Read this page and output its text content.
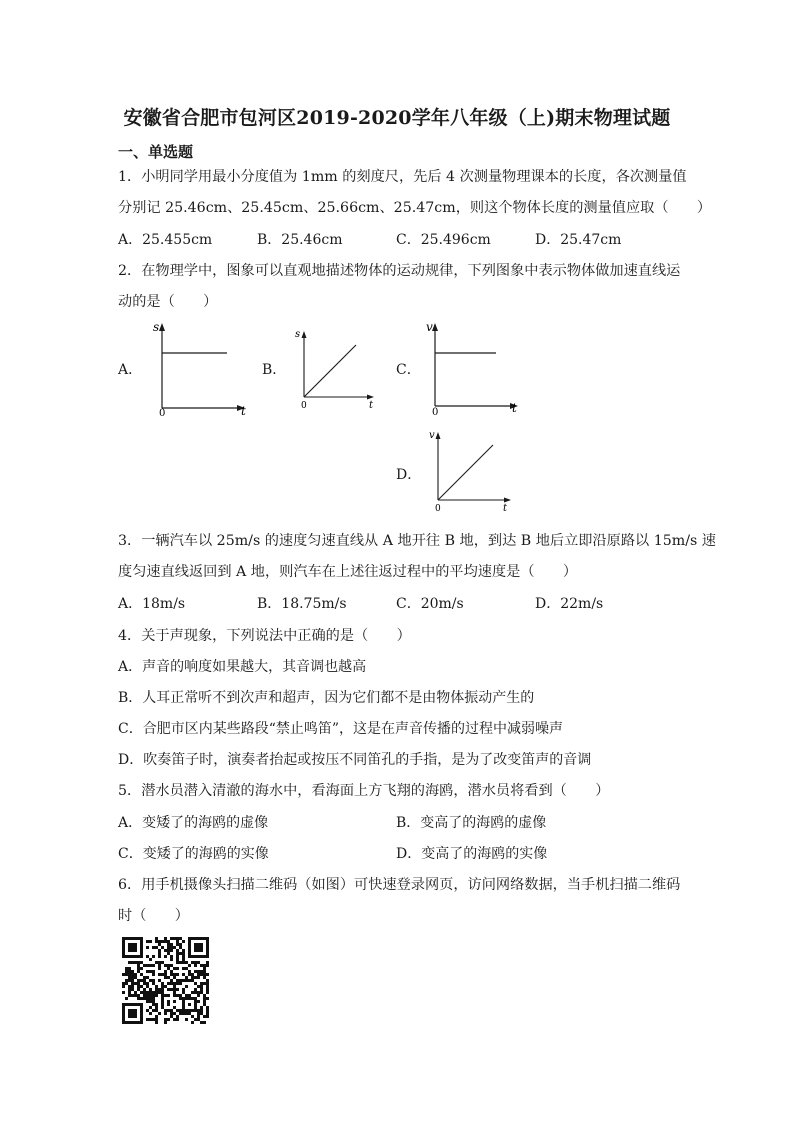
安徽省合肥市包河区2019-2020学年八年级（上)期末物理试题
一、单选题
1．小明同学用最小分度值为 1mm 的刻度尺，先后 4 次测量物理课本的长度，各次测量值
分别记 25.46cm、25.45cm、25.66cm、25.47cm，则这个物体长度的测量值应取（　　）
A．25.455cm	B．25.46cm	C．25.496cm	D．25.47cm
2．在物理学中，图象可以直观地描述物体的运动规律，下列图象中表示物体做加速直线运
动的是（　　）
A．
s
t
0
B．
s
t
0
C．
v
t
0
D．
v
t
0
3．一辆汽车以 25m/s 的速度匀速直线从 A 地开往 B 地，到达 B 地后立即沿原路以 15m/s 速
度匀速直线返回到 A 地，则汽车在上述往返过程中的平均速度是（　　）
A．18m/s	B．18.75m/s	C．20m/s	D．22m/s
4．关于声现象，下列说法中正确的是（　　）
A．声音的响度如果越大，其音调也越高
B．人耳正常听不到次声和超声，因为它们都不是由物体振动产生的
C．合肥市区内某些路段“禁止鸣笛”，这是在声音传播的过程中减弱噪声
D．吹奏笛子时，演奏者抬起或按压不同笛孔的手指，是为了改变笛声的音调
5．潜水员潜入清澈的海水中，看海面上方飞翔的海鸥，潜水员将看到（　　）
A．变矮了的海鸥的虚像	B．变高了的海鸥的虚像
C．变矮了的海鸥的实像	D．变高了的海鸥的实像
6．用手机摄像头扫描二维码（如图）可快速登录网页，访问网络数据，当手机扫描二维码
时（　　）
